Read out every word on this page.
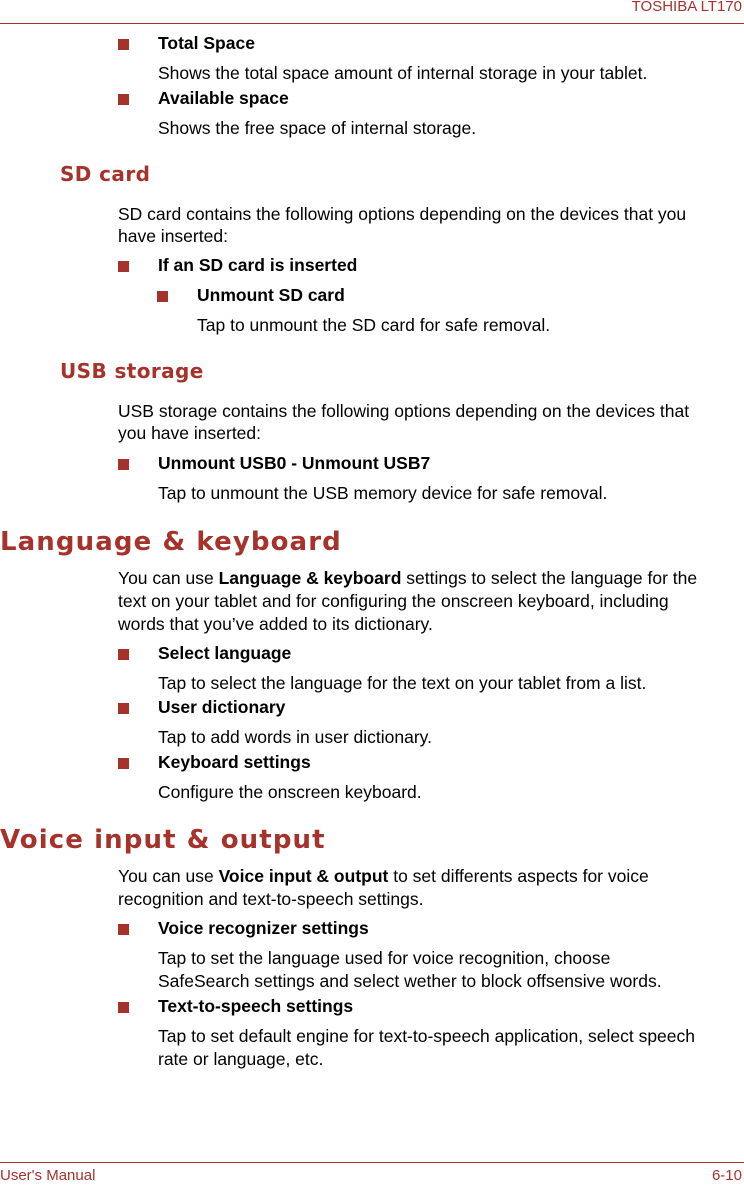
TOSHIBA LT170
Total Space
Shows the total space amount of internal storage in your tablet.
Available space
Shows the free space of internal storage.
SD card
SD card contains the following options depending on the devices that you
have inserted:
If an SD card is inserted
Unmount SD card
Tap to unmount the SD card for safe removal.
USB storage
USB storage contains the following options depending on the devices that
you have inserted:
Unmount USB0 - Unmount USB7
Tap to unmount the USB memory device for safe removal.
Language & keyboard
You can use Language & keyboard settings to select the language for the
text on your tablet and for configuring the onscreen keyboard, including
words that you’ve added to its dictionary.
Select language
Tap to select the language for the text on your tablet from a list.
User dictionary
Tap to add words in user dictionary.
Keyboard settings
Configure the onscreen keyboard.
Voice input & output
You can use Voice input & output to set differents aspects for voice
recognition and text-to-speech settings.
Voice recognizer settings
Tap to set the language used for voice recognition, choose
SafeSearch settings and select wether to block offsensive words.
Text-to-speech settings
Tap to set default engine for text-to-speech application, select speech
rate or language, etc.
User's Manual	6-10
